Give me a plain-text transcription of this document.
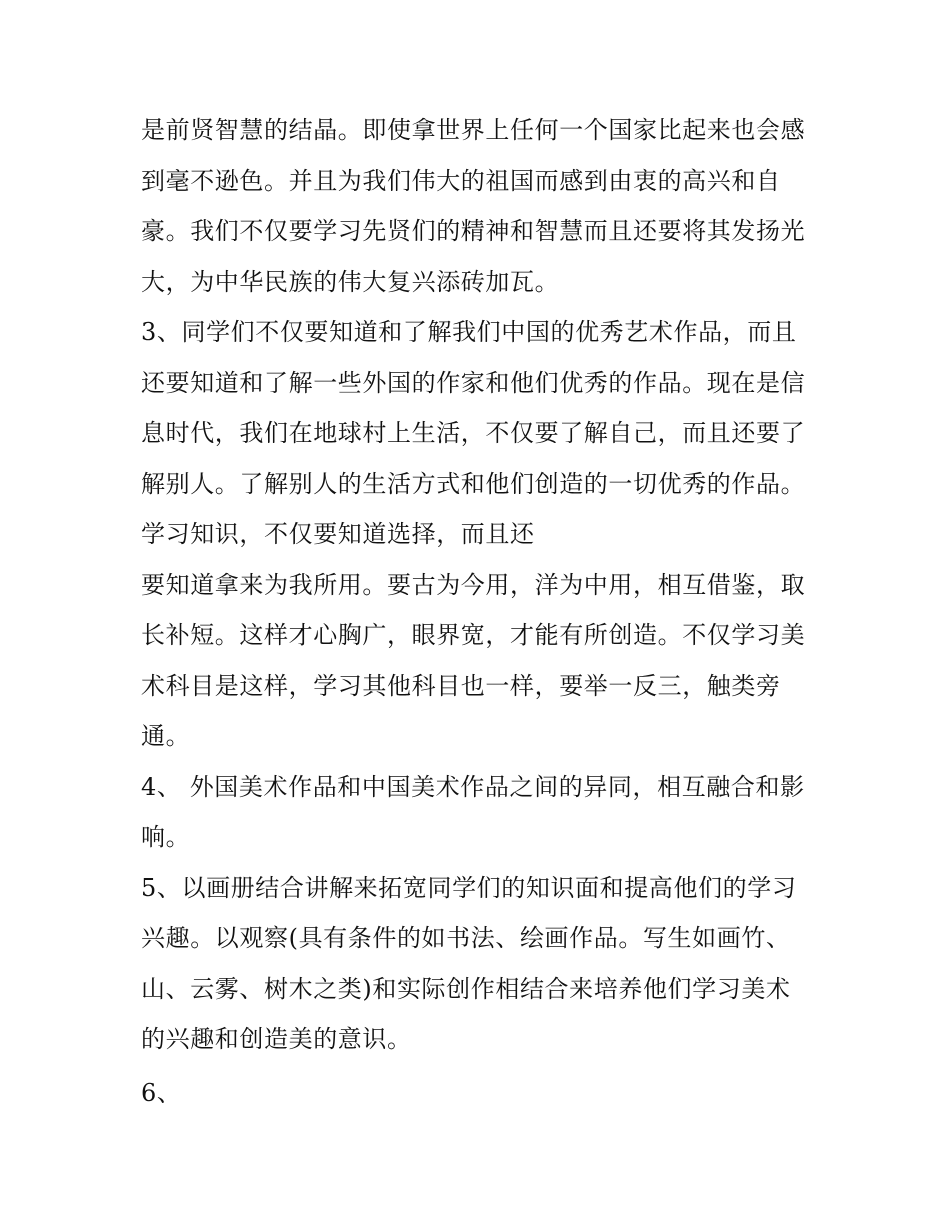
是前贤智慧的结晶。即使拿世界上任何一个国家比起来也会感
到毫不逊色。并且为我们伟大的祖国而感到由衷的高兴和自
豪。我们不仅要学习先贤们的精神和智慧而且还要将其发扬光
大，为中华民族的伟大复兴添砖加瓦。
3、同学们不仅要知道和了解我们中国的优秀艺术作品，而且
还要知道和了解一些外国的作家和他们优秀的作品。现在是信
息时代，我们在地球村上生活，不仅要了解自己，而且还要了
解别人。了解别人的生活方式和他们创造的一切优秀的作品。
学习知识，不仅要知道选择，而且还
要知道拿来为我所用。要古为今用，洋为中用，相互借鉴，取
长补短。这样才心胸广，眼界宽，才能有所创造。不仅学习美
术科目是这样，学习其他科目也一样，要举一反三，触类旁
通。
4、 外国美术作品和中国美术作品之间的异同，相互融合和影
响。
5、以画册结合讲解来拓宽同学们的知识面和提高他们的学习
兴趣。以观察(具有条件的如书法、绘画作品。写生如画竹、
山、云雾、树木之类)和实际创作相结合来培养他们学习美术
的兴趣和创造美的意识。
6、
